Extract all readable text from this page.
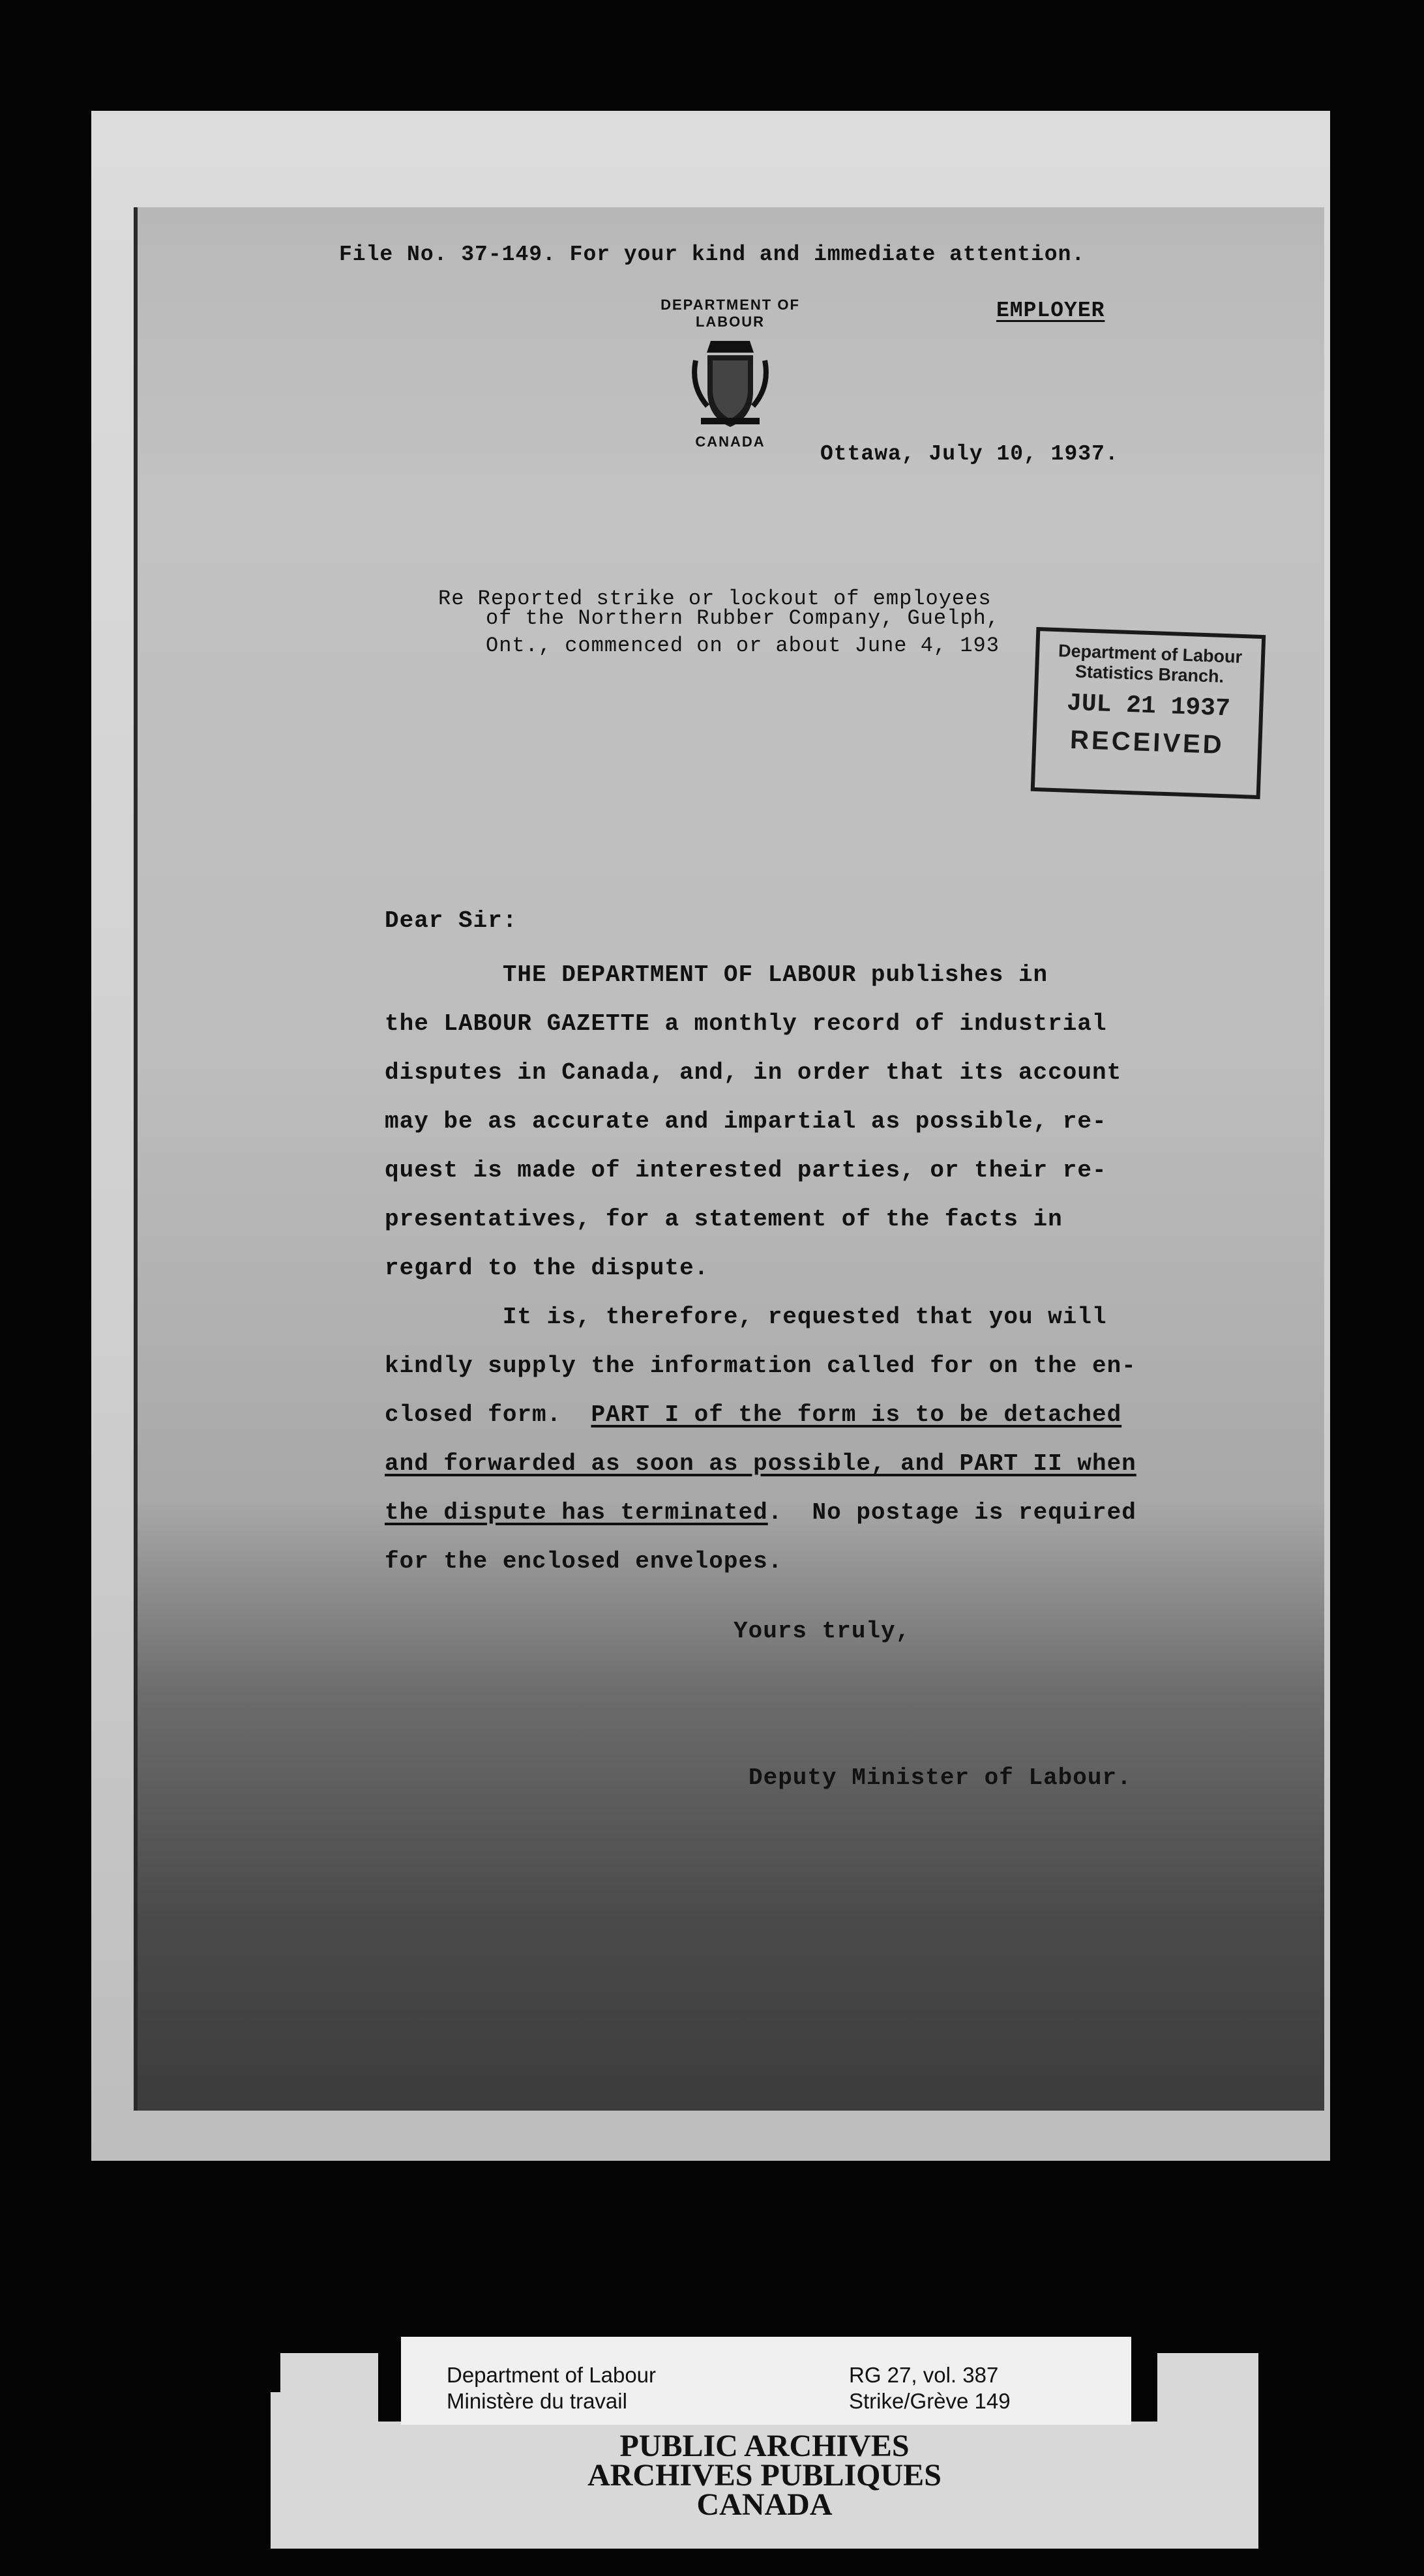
File No. 37-149. For your kind and immediate attention.
EMPLOYER
DEPARTMENT OF LABOUR
CANADA
Ottawa, July 10, 1937.
Re Reported strike or lockout of employees
of the Northern Rubber Company, Guelph,
Ont., commenced on or about June 4, 193	Department of Labour
Statistics Branch.
JUL 21 1937
RECEIVED
Dear Sir:
THE DEPARTMENT OF LABOUR publishes in
the LABOUR GAZETTE a monthly record of industrial
disputes in Canada, and, in order that its account
may be as accurate and impartial as possible, re-
quest is made of interested parties, or their re-
presentatives, for a statement of the facts in
regard to the dispute.
It is, therefore, requested that you will
kindly supply the information called for on the en-
closed form.  PART I of the form is to be detached
and forwarded as soon as possible, and PART II when
the dispute has terminated.  No postage is required
for the enclosed envelopes.
Yours truly,
Deputy Minister of Labour.
Department of Labour
Ministère du travail
RG 27, vol. 387
Strike/Grève 149
PUBLIC ARCHIVES
ARCHIVES PUBLIQUES
CANADA
